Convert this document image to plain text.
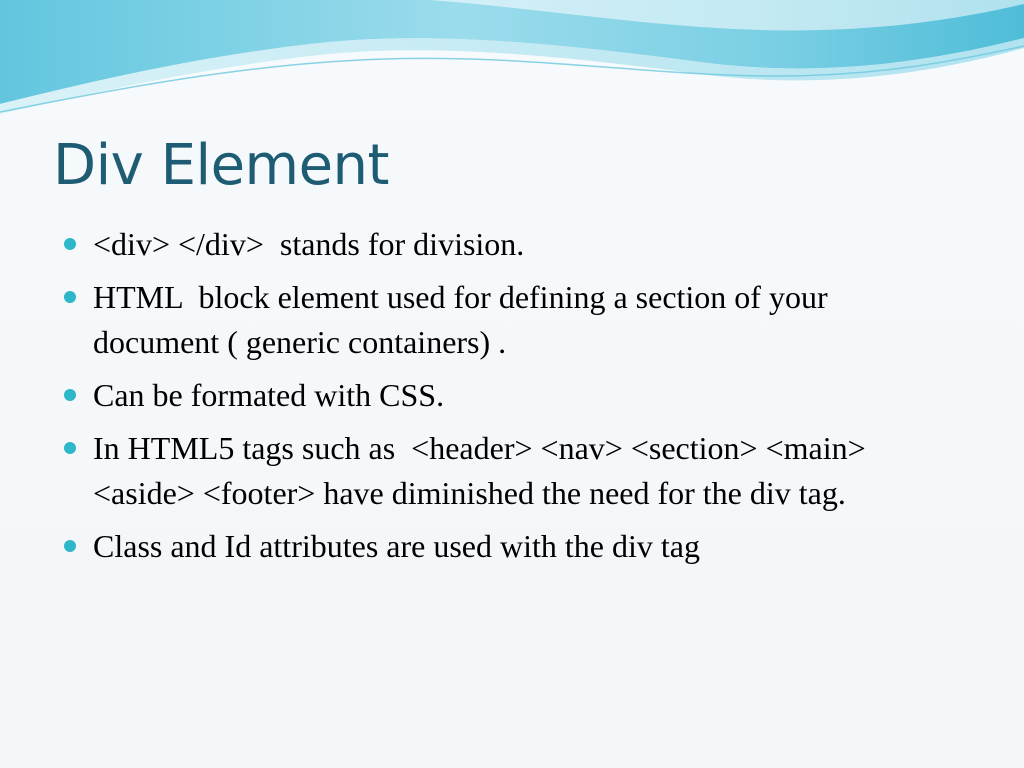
Div Element
<div> </div>  stands for division.
HTML  block element used for defining a section of your document ( generic containers) .
Can be formated with CSS.
In HTML5 tags such as  <header> <nav> <section> <main> <aside> <footer> have diminished the need for the div tag.
Class and Id attributes are used with the div tag
